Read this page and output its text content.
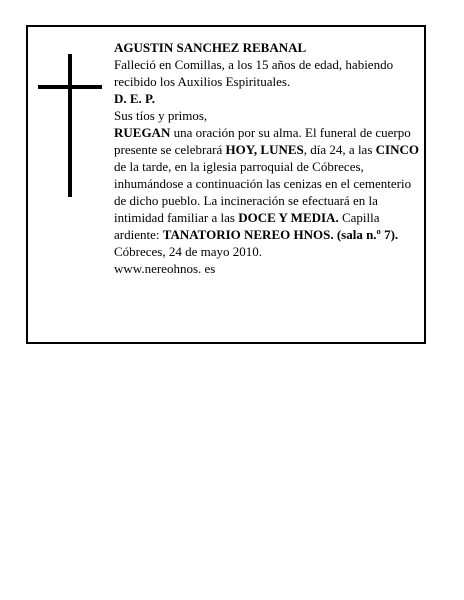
AGUSTIN SANCHEZ REBANAL

Falleció en Comillas, a los 15 años de edad, habiendo recibido los Auxilios Espirituales.

D. E. P.

Sus tíos y primos,

RUEGAN una oración por su alma. El funeral de cuerpo presente se celebrará HOY, LUNES, día 24, a las CINCO de la tarde, en la iglesia parroquial de Cóbreces, inhumándose a continuación las cenizas en el cementerio de dicho pueblo. La incineración se efectuará en la intimidad familiar a las DOCE Y MEDIA. Capilla ardiente: TANATORIO NEREO HNOS. (sala n.º 7).

Cóbreces, 24 de mayo 2010.

www.nereohnos. es
